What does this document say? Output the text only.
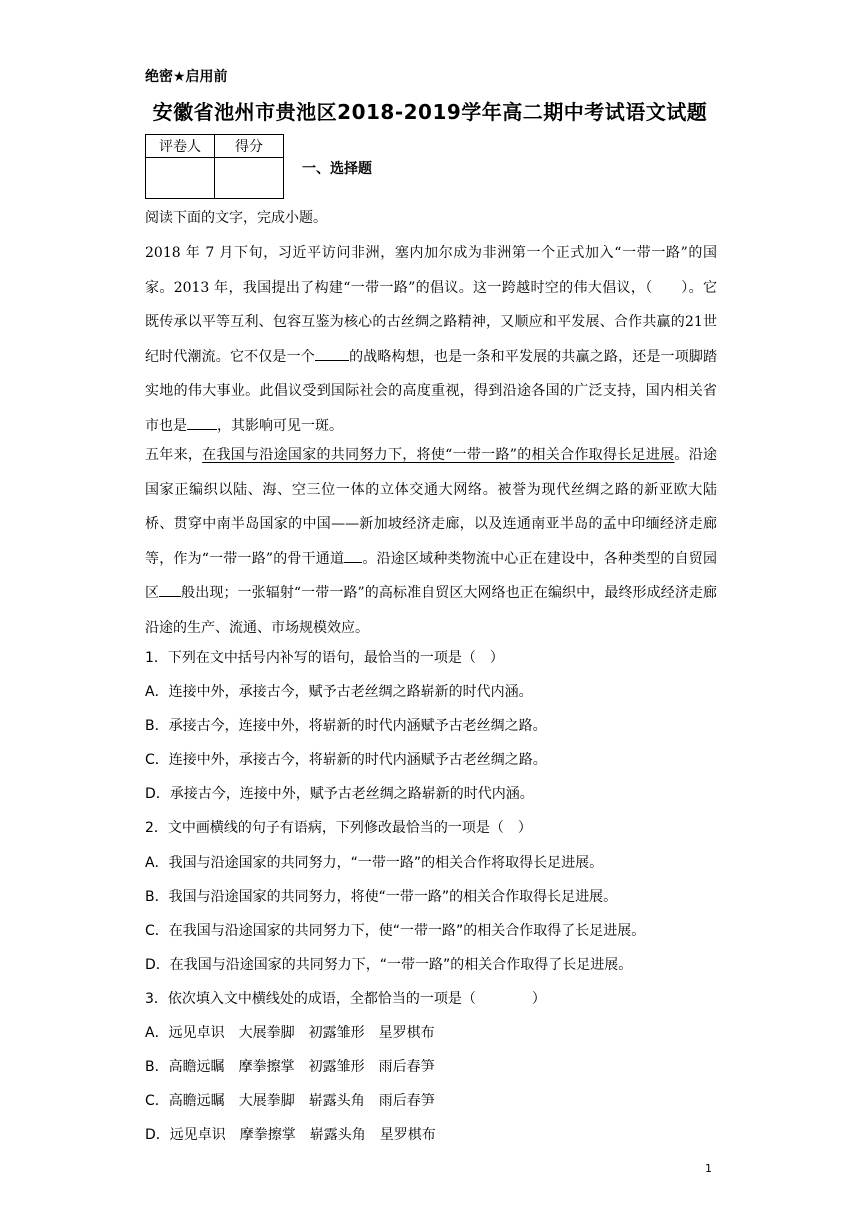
绝密★启用前
安徽省池州市贵池区2018-2019学年高二期中考试语文试题
评卷人	得分

一、选择题
阅读下面的文字，完成小题。
2018 年 7 月下旬，习近平访问非洲，塞内加尔成为非洲第一个正式加入“一带一路”的国家。2013 年，我国提出了构建“一带一路”的倡议。这一跨越时空的伟大倡议，（　　）。它既传承以平等互利、包容互鉴为核心的古丝绸之路精神，又顺应和平发展、合作共赢的21世纪时代潮流。它不仅是一个 的战略构想，也是一条和平发展的共赢之路，还是一项脚踏实地的伟大事业。此倡议受到国际社会的高度重视，得到沿途各国的广泛支持，国内相关省市也是 ，其影响可见一斑。
五年来，在我国与沿途国家的共同努力下，将使“一带一路”的相关合作取得长足进展。沿途国家正编织以陆、海、空三位一体的立体交通大网络。被誉为现代丝绸之路的新亚欧大陆桥、贯穿中南半岛国家的中国——新加坡经济走廊，以及连通南亚半岛的孟中印缅经济走廊等，作为“一带一路”的骨干通道 。沿途区域种类物流中心正在建设中，各种类型的自贸园区 般出现；一张辐射“一带一路”的高标准自贸区大网络也正在编织中，最终形成经济走廊沿途的生产、流通、市场规模效应。
1．下列在文中括号内补写的语句，最恰当的一项是（　）
A．连接中外，承接古今，赋予古老丝绸之路崭新的时代内涵。
B．承接古今，连接中外，将崭新的时代内涵赋予古老丝绸之路。
C．连接中外，承接古今，将崭新的时代内涵赋予古老丝绸之路。
D．承接古今，连接中外，赋予古老丝绸之路崭新的时代内涵。
2．文中画横线的句子有语病，下列修改最恰当的一项是（　）
A．我国与沿途国家的共同努力，“一带一路”的相关合作将取得长足进展。
B．我国与沿途国家的共同努力，将使“一带一路”的相关合作取得长足进展。
C．在我国与沿途国家的共同努力下，使“一带一路”的相关合作取得了长足进展。
D．在我国与沿途国家的共同努力下，“一带一路”的相关合作取得了长足进展。
3．依次填入文中横线处的成语，全都恰当的一项是（　　　　）
A．远见卓识 大展拳脚 初露雏形 星罗棋布
B．高瞻远瞩 摩拳擦掌 初露雏形 雨后春笋
C．高瞻远瞩 大展拳脚 崭露头角 雨后春笋
D．远见卓识 摩拳擦掌 崭露头角 星罗棋布
1
